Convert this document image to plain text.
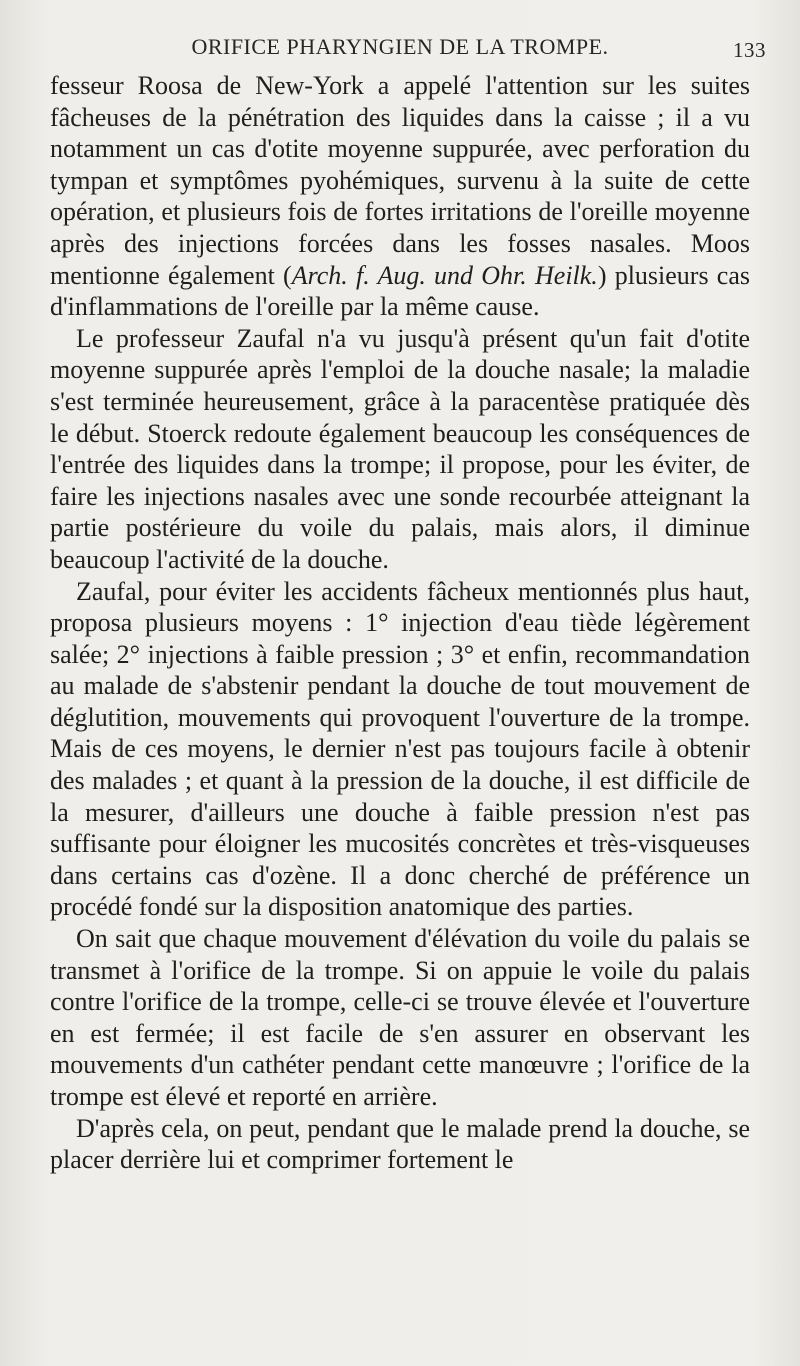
ORIFICE PHARYNGIEN DE LA TROMPE.	133

fesseur Roosa de New-York a appelé l'attention sur les suites fâcheuses de la pénétration des liquides dans la caisse ; il a vu notamment un cas d'otite moyenne suppurée, avec perforation du tympan et symptômes pyohémiques, survenu à la suite de cette opération, et plusieurs fois de fortes irritations de l'oreille moyenne après des injections forcées dans les fosses nasales. Moos mentionne également (Arch. f. Aug. und Ohr. Heilk.) plusieurs cas d'inflammations de l'oreille par la même cause.

Le professeur Zaufal n'a vu jusqu'à présent qu'un fait d'otite moyenne suppurée après l'emploi de la douche nasale; la maladie s'est terminée heureusement, grâce à la paracentèse pratiquée dès le début. Stoerck redoute également beaucoup les conséquences de l'entrée des liquides dans la trompe; il propose, pour les éviter, de faire les injections nasales avec une sonde recourbée atteignant la partie postérieure du voile du palais, mais alors, il diminue beaucoup l'activité de la douche.

Zaufal, pour éviter les accidents fâcheux mentionnés plus haut, proposa plusieurs moyens : 1° injection d'eau tiède légèrement salée; 2° injections à faible pression ; 3° et enfin, recommandation au malade de s'abstenir pendant la douche de tout mouvement de déglutition, mouvements qui provoquent l'ouverture de la trompe. Mais de ces moyens, le dernier n'est pas toujours facile à obtenir des malades ; et quant à la pression de la douche, il est difficile de la mesurer, d'ailleurs une douche à faible pression n'est pas suffisante pour éloigner les mucosités concrètes et très-visqueuses dans certains cas d'ozène. Il a donc cherché de préférence un procédé fondé sur la disposition anatomique des parties.

On sait que chaque mouvement d'élévation du voile du palais se transmet à l'orifice de la trompe. Si on appuie le voile du palais contre l'orifice de la trompe, celle-ci se trouve élevée et l'ouverture en est fermée; il est facile de s'en assurer en observant les mouvements d'un cathéter pendant cette manœuvre ; l'orifice de la trompe est élevé et reporté en arrière.

D'après cela, on peut, pendant que le malade prend la douche, se placer derrière lui et comprimer fortement le
